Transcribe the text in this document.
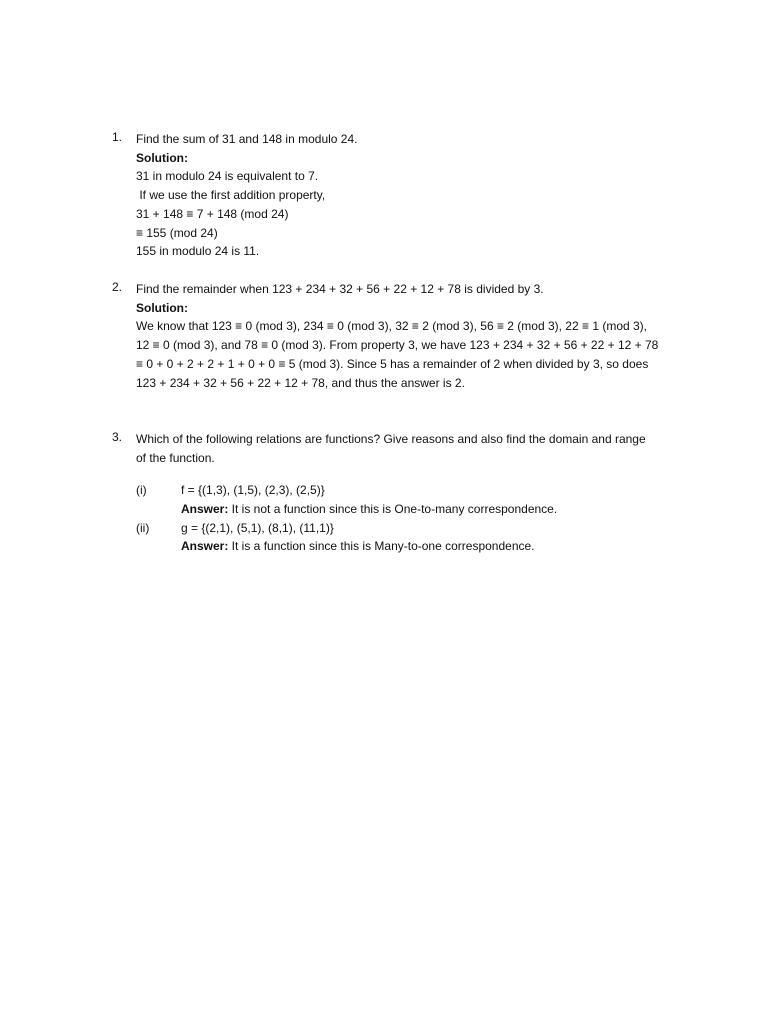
1.	Find the sum of 31 and 148 in modulo 24.
Solution:
31 in modulo 24 is equivalent to 7.
If we use the first addition property,
31 + 148 ≡ 7 + 148 (mod 24)
≡ 155 (mod 24)
155 in modulo 24 is 11.
2.	Find the remainder when 123 + 234 + 32 + 56 + 22 + 12 + 78 is divided by 3.
Solution:
We know that 123 ≡ 0 (mod 3), 234 ≡ 0 (mod 3), 32 ≡ 2 (mod 3), 56 ≡ 2 (mod 3), 22 ≡ 1 (mod 3),
12 ≡ 0 (mod 3), and 78 ≡ 0 (mod 3). From property 3, we have 123 + 234 + 32 + 56 + 22 + 12 + 78
≡ 0 + 0 + 2 + 2 + 1 + 0 + 0 ≡ 5 (mod 3). Since 5 has a remainder of 2 when divided by 3, so does
123 + 234 + 32 + 56 + 22 + 12 + 78, and thus the answer is 2.
3.	Which of the following relations are functions? Give reasons and also find the domain and range
of the function.
(i)	f = {(1,3), (1,5), (2,3), (2,5)}
Answer: It is not a function since this is One-to-many correspondence.
(ii)	g = {(2,1), (5,1), (8,1), (11,1)}
Answer: It is a function since this is Many-to-one correspondence.
